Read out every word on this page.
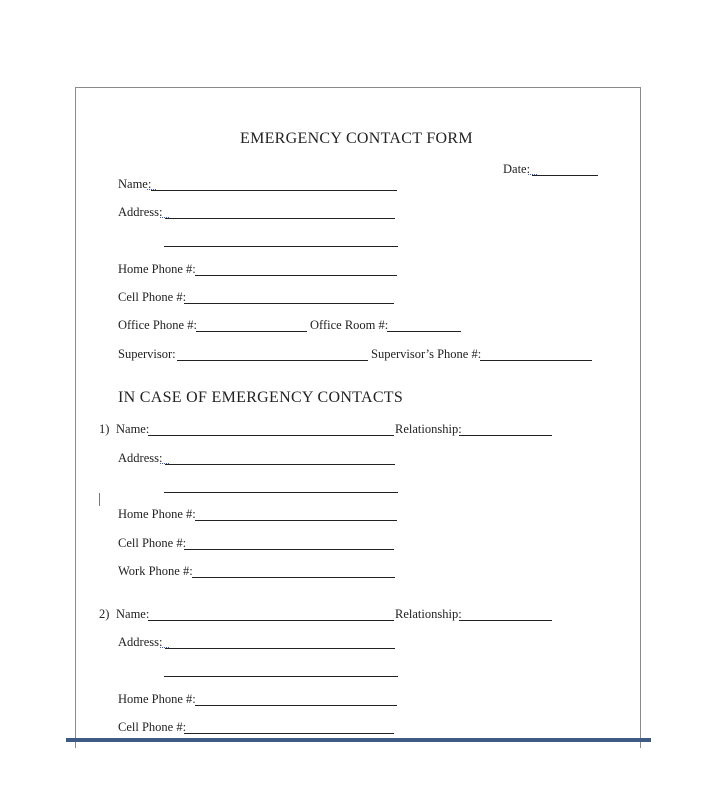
EMERGENCY CONTACT FORM
Date:
Name:
Address:
Home Phone #:
Cell Phone #:
Office Phone #:	Office Room #:
Supervisor:	Supervisor’s Phone #:
IN CASE OF EMERGENCY CONTACTS
1) Name:	Relationship:
Address:
Home Phone #:
Cell Phone #:
Work Phone #:
2) Name:	Relationship:
Address:
Home Phone #:
Cell Phone #:
